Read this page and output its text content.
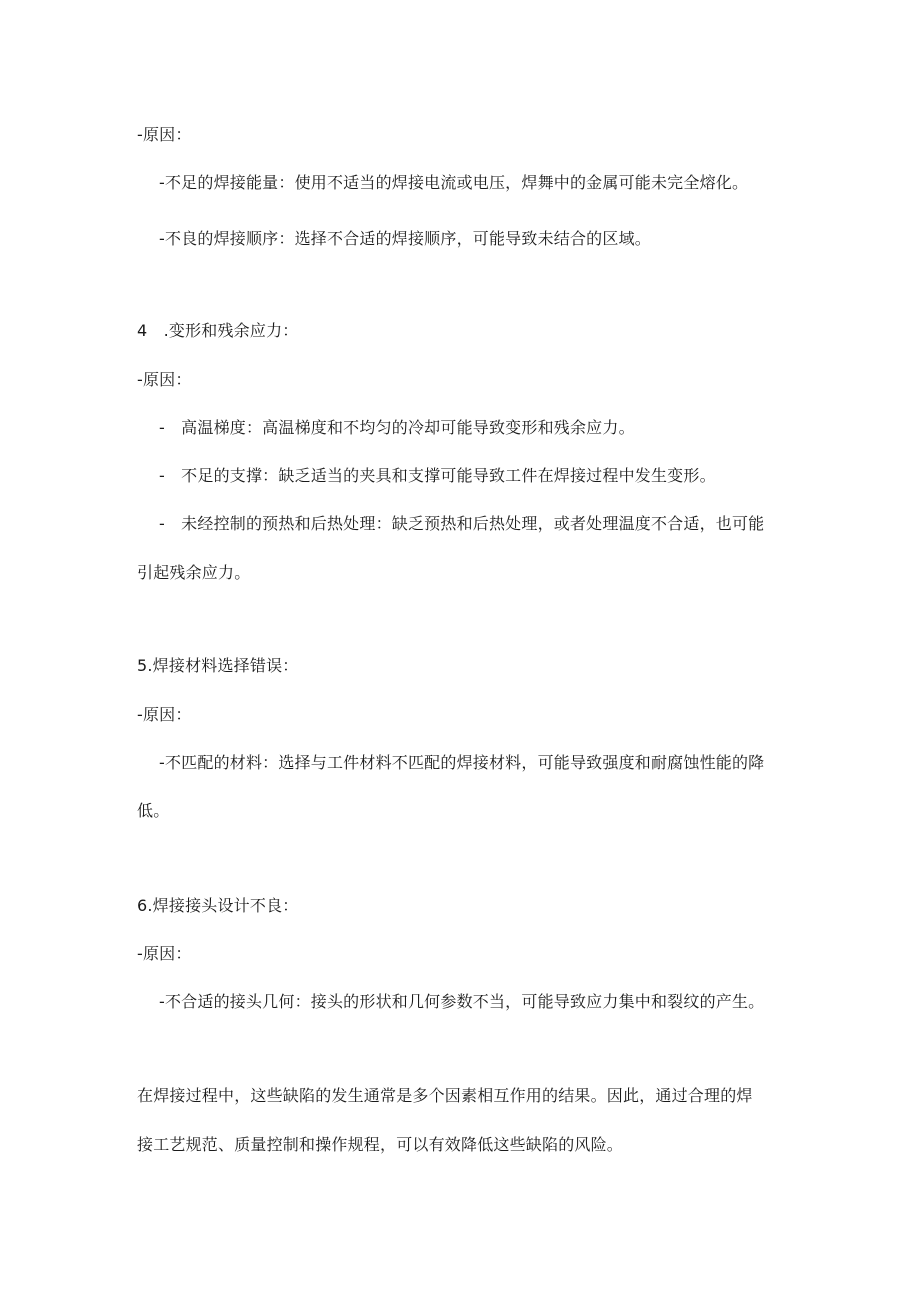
-原因：
-不足的焊接能量：使用不适当的焊接电流或电压，焊舞中的金属可能未完全熔化。
-不良的焊接顺序：选择不合适的焊接顺序，可能导致未结合的区域。
4　.变形和残余应力：
-原因：
-　高温梯度：高温梯度和不均匀的冷却可能导致变形和残余应力。
-　不足的支撑：缺乏适当的夹具和支撑可能导致工件在焊接过程中发生变形。
-　未经控制的预热和后热处理：缺乏预热和后热处理，或者处理温度不合适，也可能
引起残余应力。
5.焊接材料选择错误：
-原因：
-不匹配的材料：选择与工件材料不匹配的焊接材料，可能导致强度和耐腐蚀性能的降
低。
6.焊接接头设计不良：
-原因：
-不合适的接头几何：接头的形状和几何参数不当，可能导致应力集中和裂纹的产生。
在焊接过程中，这些缺陷的发生通常是多个因素相互作用的结果。因此，通过合理的焊
接工艺规范、质量控制和操作规程，可以有效降低这些缺陷的风险。
